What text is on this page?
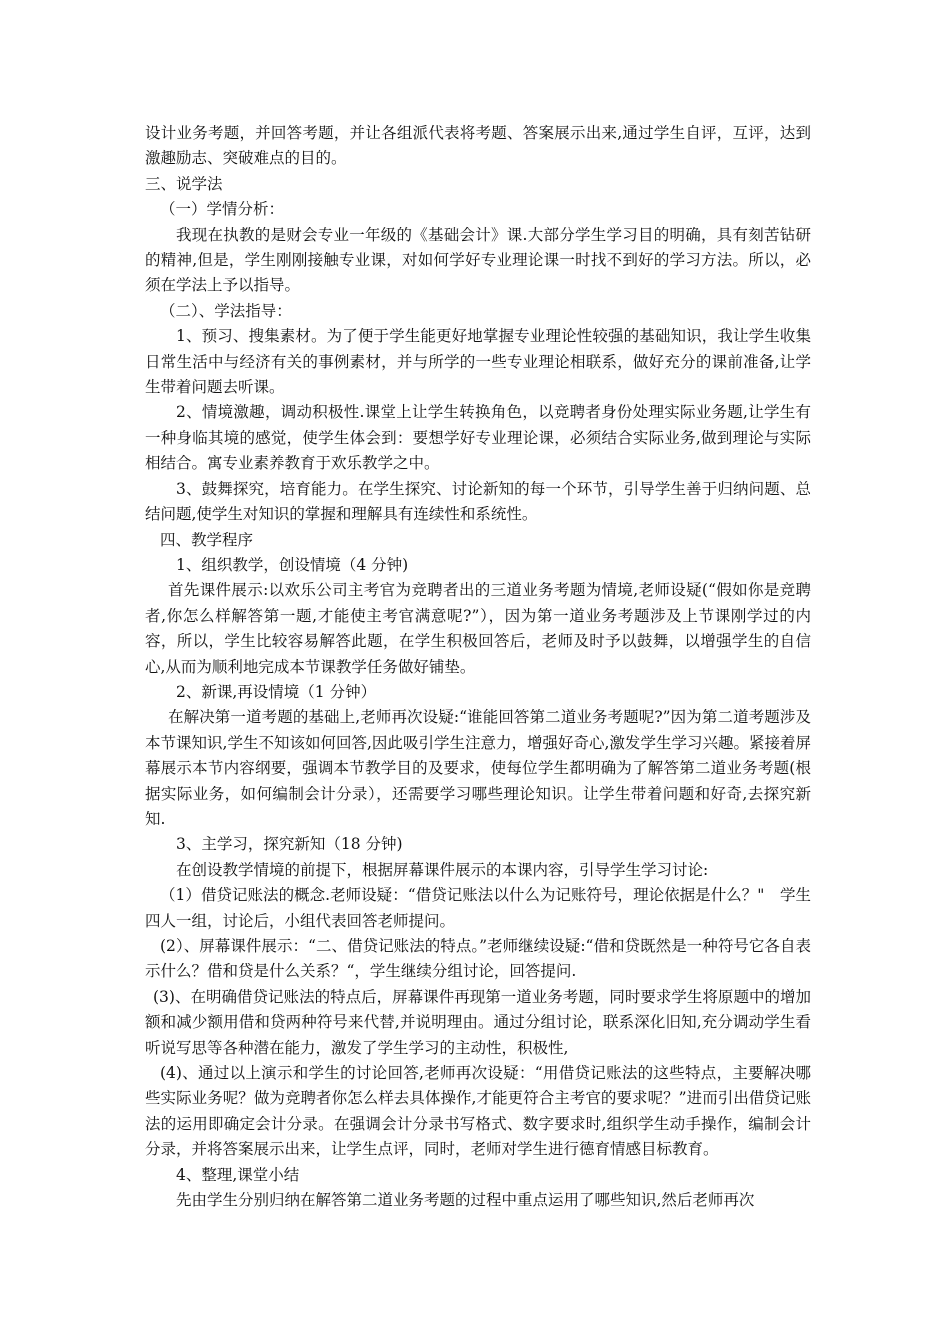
设计业务考题，并回答考题，并让各组派代表将考题、答案展示出来,通过学生自评，互评，达到激趣励志、突破难点的目的。

三、说学法

（一）学情分析：

我现在执教的是财会专业一年级的《基础会计》课.大部分学生学习目的明确，具有刻苦钻研的精神,但是，学生刚刚接触专业课，对如何学好专业理论课一时找不到好的学习方法。所以，必须在学法上予以指导。

（二）、学法指导：

1、预习、搜集素材。为了便于学生能更好地掌握专业理论性较强的基础知识，我让学生收集日常生活中与经济有关的事例素材，并与所学的一些专业理论相联系，做好充分的课前准备,让学生带着问题去听课。

2、情境激趣，调动积极性.课堂上让学生转换角色，以竞聘者身份处理实际业务题,让学生有一种身临其境的感觉，使学生体会到：要想学好专业理论课，必须结合实际业务,做到理论与实际相结合。寓专业素养教育于欢乐教学之中。

3、鼓舞探究，培育能力。在学生探究、讨论新知的每一个环节，引导学生善于归纳问题、总结问题,使学生对知识的掌握和理解具有连续性和系统性。

四、教学程序

1、组织教学，创设情境（4 分钟)

首先课件展示:以欢乐公司主考官为竞聘者出的三道业务考题为情境,老师设疑(“假如你是竞聘者,你怎么样解答第一题,才能使主考官满意呢?”），因为第一道业务考题涉及上节课刚学过的内容，所以，学生比较容易解答此题，在学生积极回答后，老师及时予以鼓舞，以增强学生的自信心,从而为顺利地完成本节课教学任务做好铺垫。

2、新课,再设情境（1 分钟）

在解决第一道考题的基础上,老师再次设疑:“谁能回答第二道业务考题呢?”因为第二道考题涉及本节课知识,学生不知该如何回答,因此吸引学生注意力，增强好奇心,激发学生学习兴趣。紧接着屏幕展示本节内容纲要，强调本节教学目的及要求，使每位学生都明确为了解答第二道业务考题(根据实际业务，如何编制会计分录），还需要学习哪些理论知识。让学生带着问题和好奇,去探究新知.

3、主学习，探究新知（18 分钟)

在创设教学情境的前提下，根据屏幕课件展示的本课内容，引导学生学习讨论:

（1）借贷记账法的概念.老师设疑：“借贷记账法以什么为记账符号，理论依据是什么？"　学生四人一组，讨论后，小组代表回答老师提问。

(2）、屏幕课件展示：“二、借贷记账法的特点。”老师继续设疑:“借和贷既然是一种符号它各自表示什么？借和贷是什么关系？“，学生继续分组讨论，回答提问.

(3)、在明确借贷记账法的特点后，屏幕课件再现第一道业务考题，同时要求学生将原题中的增加额和减少额用借和贷两种符号来代替,并说明理由。通过分组讨论，联系深化旧知,充分调动学生看听说写思等各种潜在能力，激发了学生学习的主动性，积极性,

(4)、通过以上演示和学生的讨论回答,老师再次设疑：“用借贷记账法的这些特点，主要解决哪些实际业务呢？做为竞聘者你怎么样去具体操作,才能更符合主考官的要求呢？”进而引出借贷记账法的运用即确定会计分录。在强调会计分录书写格式、数字要求时,组织学生动手操作，编制会计分录，并将答案展示出来，让学生点评，同时，老师对学生进行德育情感目标教育。

4、整理,课堂小结

先由学生分别归纳在解答第二道业务考题的过程中重点运用了哪些知识,然后老师再次
